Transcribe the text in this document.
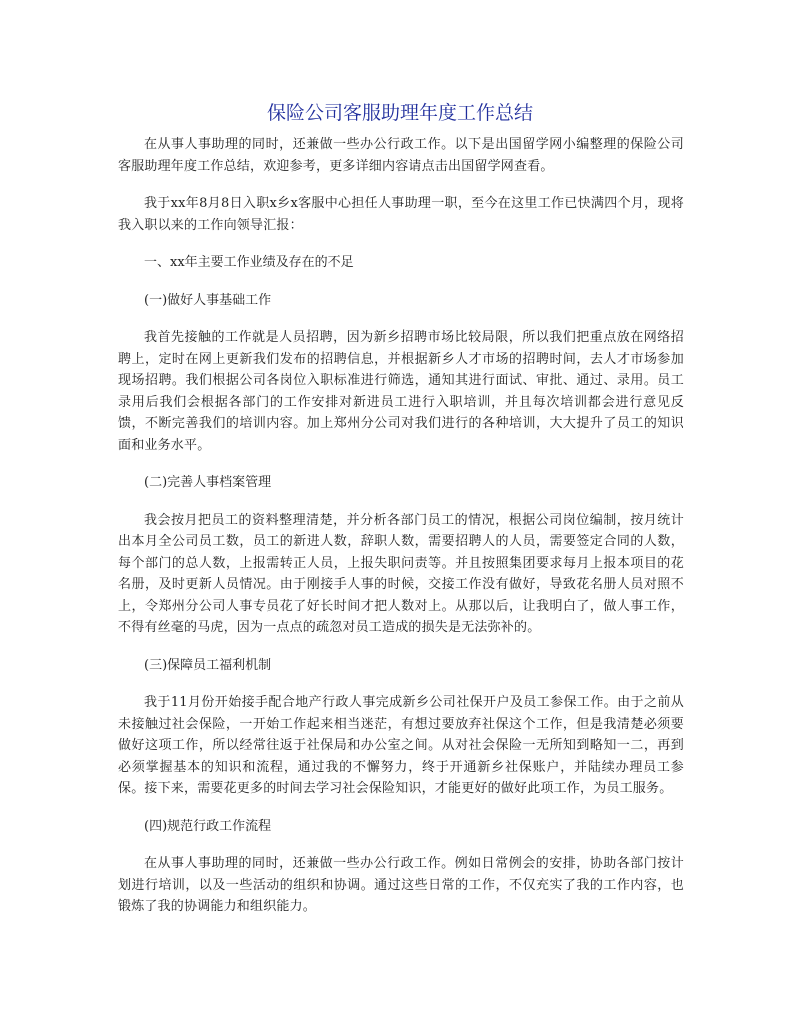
保险公司客服助理年度工作总结

在从事人事助理的同时，还兼做一些办公行政工作。以下是出国留学网小编整理的保险公司客服助理年度工作总结，欢迎参考，更多详细内容请点击出国留学网查看。

我于xx年8月8日入职x乡x客服中心担任人事助理一职，至今在这里工作已快满四个月，现将我入职以来的工作向领导汇报：

一、xx年主要工作业绩及存在的不足

(一)做好人事基础工作

我首先接触的工作就是人员招聘，因为新乡招聘市场比较局限，所以我们把重点放在网络招聘上，定时在网上更新我们发布的招聘信息，并根据新乡人才市场的招聘时间，去人才市场参加现场招聘。我们根据公司各岗位入职标准进行筛选，通知其进行面试、审批、通过、录用。员工录用后我们会根据各部门的工作安排对新进员工进行入职培训，并且每次培训都会进行意见反馈，不断完善我们的培训内容。加上郑州分公司对我们进行的各种培训，大大提升了员工的知识面和业务水平。

(二)完善人事档案管理

我会按月把员工的资料整理清楚，并分析各部门员工的情况，根据公司岗位编制，按月统计出本月全公司员工数，员工的新进人数，辞职人数，需要招聘人的人员，需要签定合同的人数，每个部门的总人数，上报需转正人员，上报失职问责等。并且按照集团要求每月上报本项目的花名册，及时更新人员情况。由于刚接手人事的时候，交接工作没有做好，导致花名册人员对照不上，令郑州分公司人事专员花了好长时间才把人数对上。从那以后，让我明白了，做人事工作，不得有丝毫的马虎，因为一点点的疏忽对员工造成的损失是无法弥补的。

(三)保障员工福利机制

我于11月份开始接手配合地产行政人事完成新乡公司社保开户及员工参保工作。由于之前从未接触过社会保险，一开始工作起来相当迷茫，有想过要放弃社保这个工作，但是我清楚必须要做好这项工作，所以经常往返于社保局和办公室之间。从对社会保险一无所知到略知一二，再到必须掌握基本的知识和流程，通过我的不懈努力，终于开通新乡社保账户，并陆续办理员工参保。接下来，需要花更多的时间去学习社会保险知识，才能更好的做好此项工作，为员工服务。

(四)规范行政工作流程

在从事人事助理的同时，还兼做一些办公行政工作。例如日常例会的安排，协助各部门按计划进行培训，以及一些活动的组织和协调。通过这些日常的工作，不仅充实了我的工作内容，也锻炼了我的协调能力和组织能力。
